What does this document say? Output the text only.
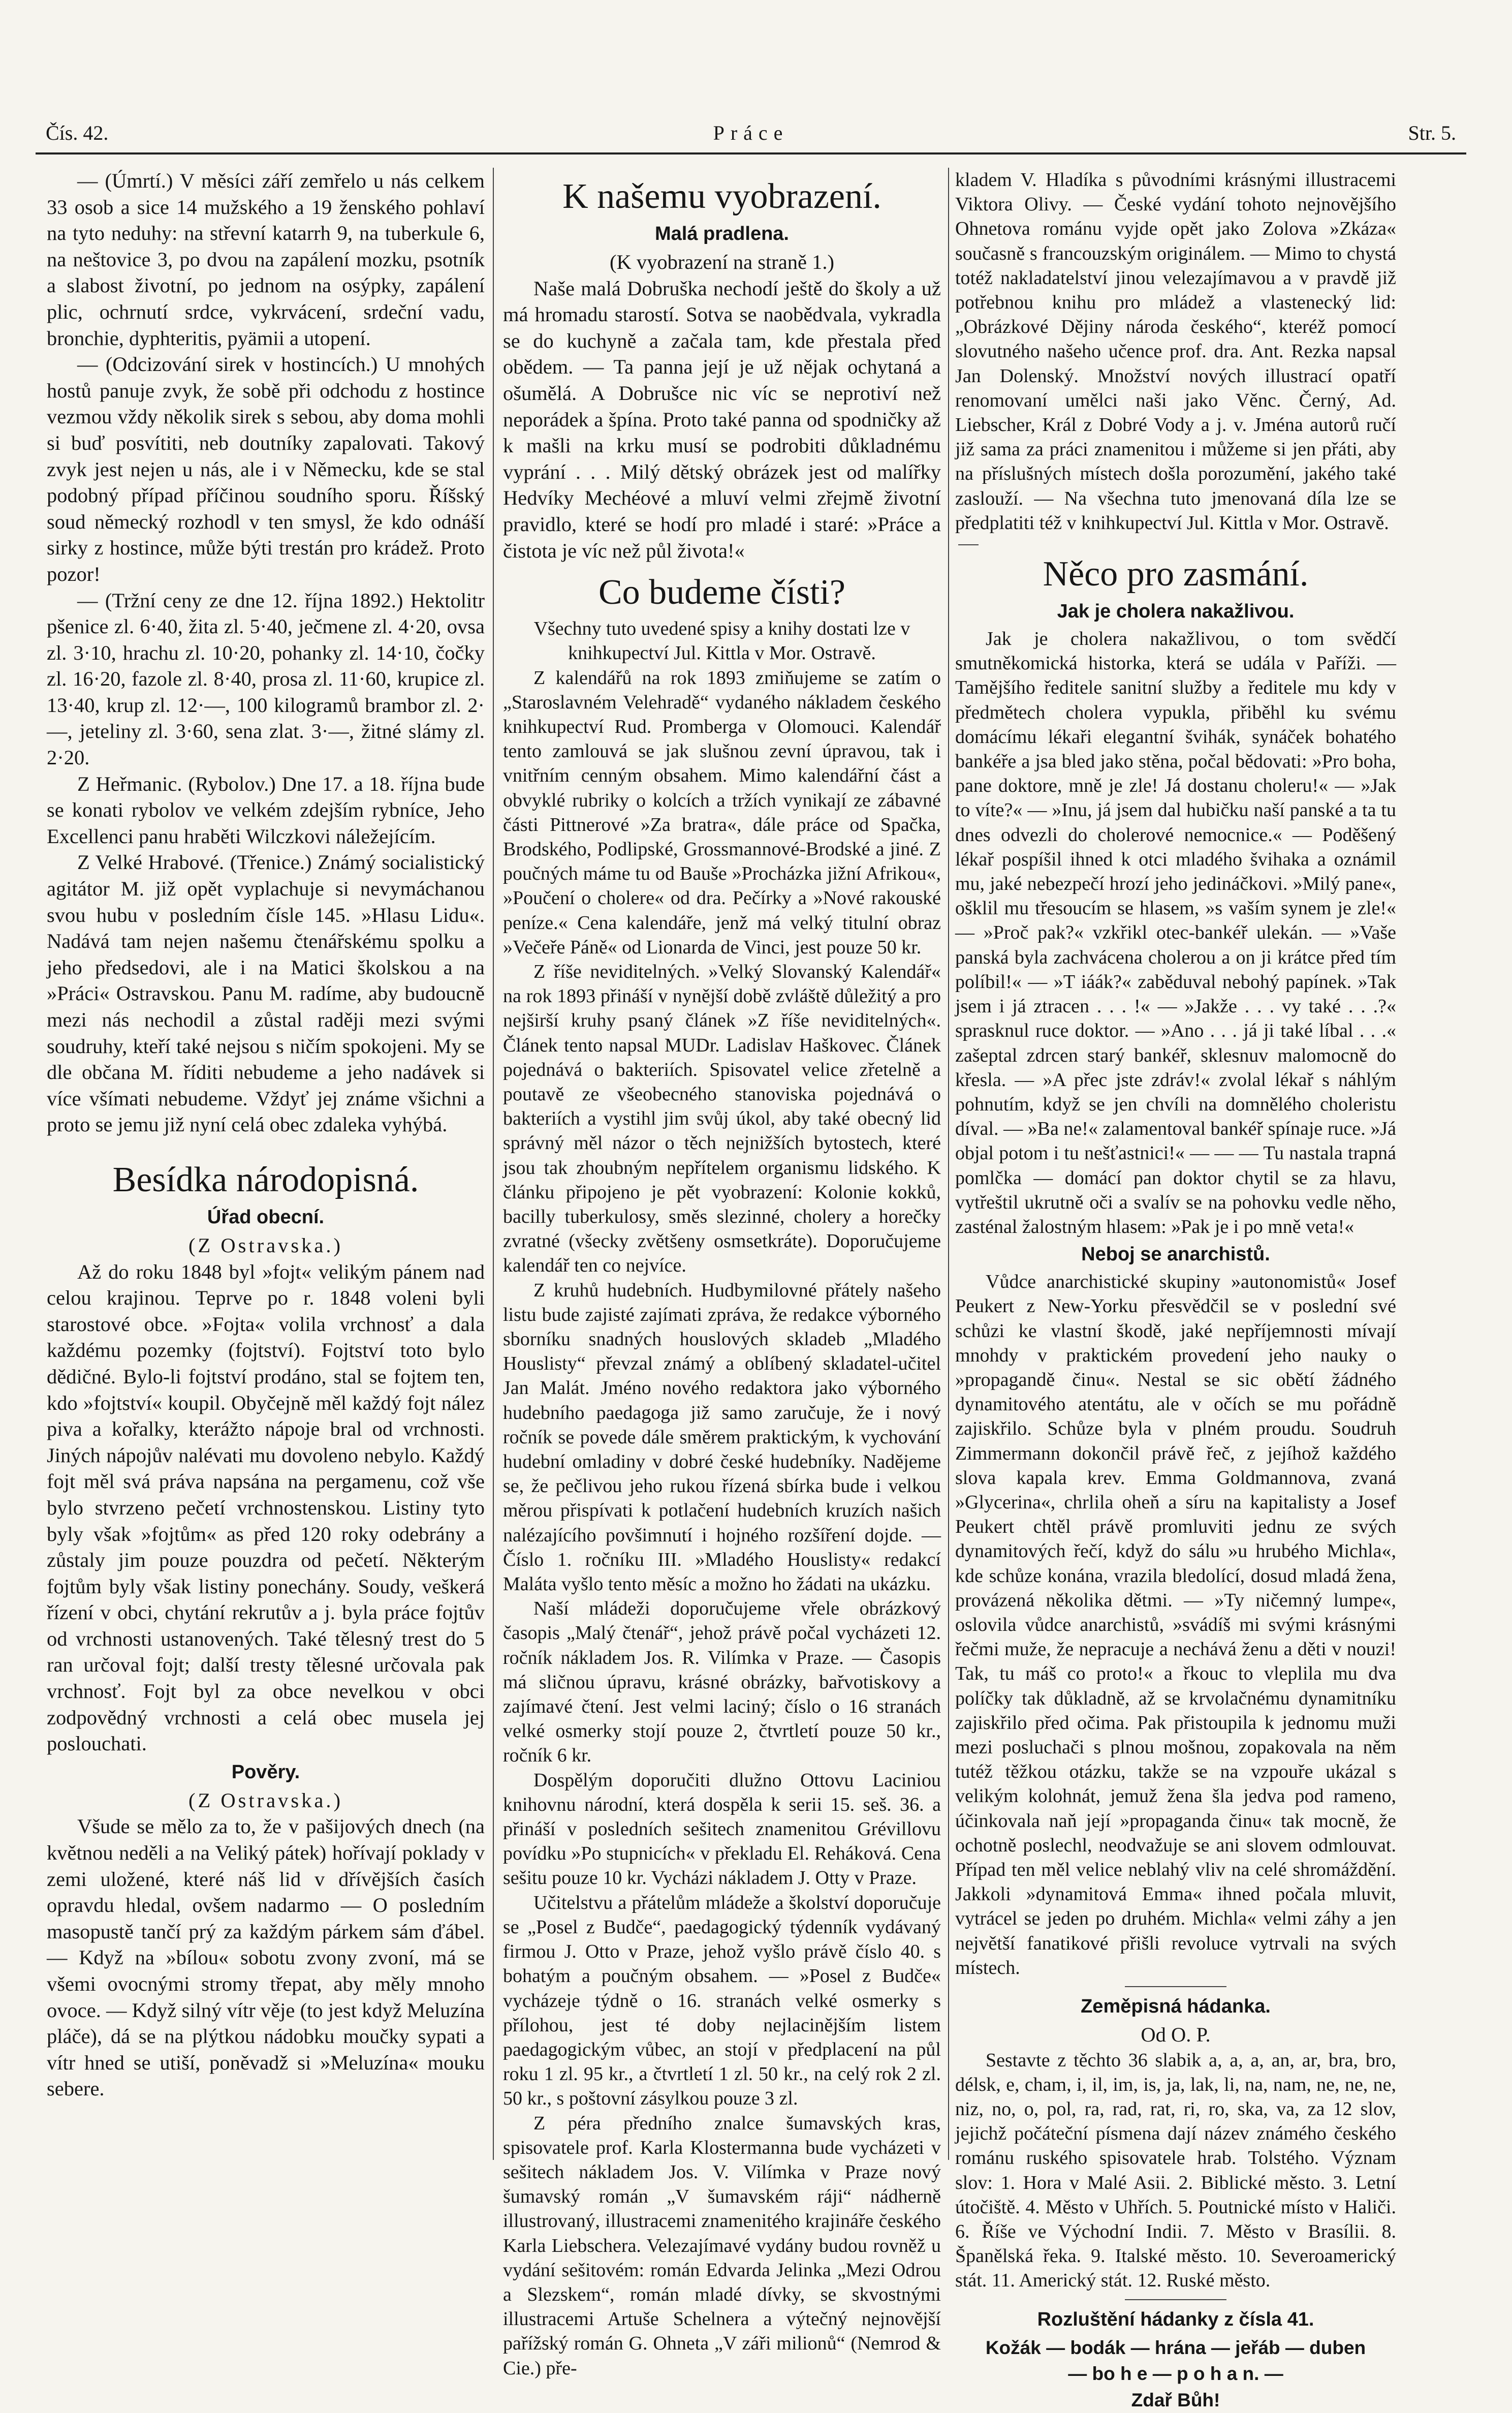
Čís. 42.	Práce	Str. 5.

— (Úmrtí.) V měsíci září zemřelo u nás celkem 33 osob a sice 14 mužského a 19 ženského pohlaví na tyto neduhy: na střevní katarrh 9, na tuberkule 6, na neštovice 3, po dvou na zapálení mozku, psotník a slabost životní, po jednom na osýpky, zapálení plic, ochrnutí srdce, vykrvácení, srdeční vadu, bronchie, dyphteritis, pyämii a utopení.

— (Odcizování sirek v hostincích.) U mnohých hostů panuje zvyk, že sobě při odchodu z hostince vezmou vždy několik sirek s sebou, aby doma mohli si buď posvítiti, neb doutníky zapalovati. Takový zvyk jest nejen u nás, ale i v Německu, kde se stal podobný případ příčinou soudního sporu. Říšský soud německý rozhodl v ten smysl, že kdo odnáší sirky z hostince, může býti trestán pro krádež. Proto pozor!

— (Tržní ceny ze dne 12. října 1892.) Hektolitr pšenice zl. 6·40, žita zl. 5·40, ječmene zl. 4·20, ovsa zl. 3·10, hrachu zl. 10·20, pohanky zl. 14·10, čočky zl. 16·20, fazole zl. 8·40, prosa zl. 11·60, krupice zl. 13·40, krup zl. 12·—, 100 kilogramů brambor zl. 2·—, jeteliny zl. 3·60, sena zlat. 3·—, žitné slámy zl. 2·20.

Z Heřmanic. (Rybolov.) Dne 17. a 18. října bude se konati rybolov ve velkém zdejším rybníce, Jeho Excellenci panu hraběti Wilczkovi náležejícím.

Z Velké Hrabové. (Třenice.) Známý socialistický agitátor M. již opět vyplachuje si nevymáchanou svou hubu v posledním čísle 145. »Hlasu Lidu«. Nadává tam nejen našemu čtenářskému spolku a jeho předsedovi, ale i na Matici školskou a na »Práci« Ostravskou. Panu M. radíme, aby budoucně mezi nás nechodil a zůstal raději mezi svými soudruhy, kteří také nejsou s ničím spokojeni. My se dle občana M. říditi nebudeme a jeho nadávek si více všímati nebudeme. Vždyť jej známe všichni a proto se jemu již nyní celá obec zdaleka vyhýbá.

Besídka národopisná.
Úřad obecní.

(Z Ostravska.)

Až do roku 1848 byl »fojt« velikým pánem nad celou krajinou. Teprve po r. 1848 voleni byli starostové obce. »Fojta« volila vrchnosť a dala každému pozemky (fojtství). Fojtství toto bylo dědičné. Bylo-li fojtství prodáno, stal se fojtem ten, kdo »fojtství« koupil. Obyčejně měl každý fojt nález piva a kořalky, kterážto nápoje bral od vrchnosti. Jiných nápojův nalévati mu dovoleno nebylo. Každý fojt měl svá práva napsána na pergamenu, což vše bylo stvrzeno pečetí vrchnostenskou. Listiny tyto byly však »fojtům« as před 120 roky odebrány a zůstaly jim pouze pouzdra od pečetí. Některým fojtům byly však listiny ponechány. Soudy, veškerá řízení v obci, chytání rekrutův a j. byla práce fojtův od vrchnosti ustanovených. Také tělesný trest do 5 ran určoval fojt; další tresty tělesné určovala pak vrchnosť. Fojt byl za obce nevelkou v obci zodpovědný vrchnosti a celá obec musela jej poslouchati.

Pověry.

(Z Ostravska.)

Všude se mělo za to, že v pašijových dnech (na květnou neděli a na Veliký pátek) hořívají poklady v zemi uložené, které náš lid v dřívějších časích opravdu hledal, ovšem nadarmo — O posledním masopustě tančí prý za každým párkem sám ďábel. — Když na »bílou« sobotu zvony zvoní, má se všemi ovocnými stromy třepat, aby měly mnoho ovoce. — Když silný vítr věje (to jest když Meluzína pláče), dá se na plýtkou nádobku moučky sypati a vítr hned se utiší, poněvadž si »Meluzína« mouku sebere.

K našemu vyobrazení.
Malá pradlena.

(K vyobrazení na straně 1.)

Naše malá Dobruška nechodí ještě do školy a už má hromadu starostí. Sotva se naobědvala, vykradla se do kuchyně a začala tam, kde přestala před obědem. — Ta panna její je už nějak ochytaná a ošumělá. A Dobrušce nic víc se neprotiví než neporádek a špína. Proto také panna od spodničky až k mašli na krku musí se podrobiti důkladnému vyprání . . . Milý dětský obrázek jest od malířky Hedvíky Mechéové a mluví velmi zřejmě životní pravidlo, které se hodí pro mladé i staré: »Práce a čistota je víc než půl života!«

Co budeme čísti?

Všechny tuto uvedené spisy a knihy dostati lze v knihkupectví Jul. Kittla v Mor. Ostravě.

Z kalendářů na rok 1893 zmiňujeme se zatím o „Staroslavném Velehradě“ vydaného nákladem českého knihkupectví Rud. Promberga v Olomouci. Kalendář tento zamlouvá se jak slušnou zevní úpravou, tak i vnitřním cenným obsahem. Mimo kalendářní část a obvyklé rubriky o kolcích a tržích vynikají ze zábavné části Pittnerové »Za bratra«, dále práce od Spačka, Brodského, Podlipské, Grossmannové-Brodské a jiné. Z poučných máme tu od Bauše »Procházka jižní Afrikou«, »Poučení o cholere« od dra. Pečírky a »Nové rakouské peníze.« Cena kalendáře, jenž má velký titulní obraz »Večeře Páně« od Lionarda de Vinci, jest pouze 50 kr.

Z říše neviditelných. »Velký Slovanský Kalendář« na rok 1893 přináší v nynější době zvláště důležitý a pro nejširší kruhy psaný článek »Z říše neviditelných«. Článek tento napsal MUDr. Ladislav Haškovec. Článek pojednává o bakteriích. Spisovatel velice zřetelně a poutavě ze všeobecného stanoviska pojednává o bakteriích a vystihl jim svůj úkol, aby také obecný lid správný měl názor o těch nejnižších bytostech, které jsou tak zhoubným nepřítelem organismu lidského. K článku připojeno je pět vyobrazení: Kolonie kokků, bacilly tuberkulosy, směs slezinné, cholery a horečky zvratné (všecky zvětšeny osmsetkráte). Doporučujeme kalendář ten co nejvíce.

Z kruhů hudebních. Hudbymilovné přátely našeho listu bude zajisté zajímati zpráva, že redakce výborného sborníku snadných houslových skladeb „Mladého Houslisty“ převzal známý a oblíbený skladatel-učitel Jan Malát. Jméno nového redaktora jako výborného hudebního paedagoga již samo zaručuje, že i nový ročník se povede dále směrem praktickým, k vychování hudební omladiny v dobré české hudebníky. Nadějeme se, že pečlivou jeho rukou řízená sbírka bude i velkou měrou přispívati k potlačení hudebních kruzích našich nalézajícího povšimnutí i hojného rozšíření dojde. — Číslo 1. ročníku III. »Mladého Houslisty« redakcí Maláta vyšlo tento měsíc a možno ho žádati na ukázku.

Naší mládeži doporučujeme vřele obrázkový časopis „Malý čtenář“, jehož právě počal vycházeti 12. ročník nákladem Jos. R. Vilímka v Praze. — Časopis má sličnou úpravu, krásné obrázky, bařvotiskovy a zajímavé čtení. Jest velmi laciný; číslo o 16 stranách velké osmerky stojí pouze 2, čtvrtletí pouze 50 kr., ročník 6 kr.

Dospělým doporučiti dlužno Ottovu Laciniou knihovnu národní, která dospěla k serii 15. seš. 36. a přináší v posledních sešitech znamenitou Grévillovu povídku »Po stupnicích« v překladu El. Reháková. Cena sešitu pouze 10 kr. Vycházi nákladem J. Otty v Praze.

Učitelstvu a přátelům mládeže a školství doporučuje se „Posel z Budče“, paedagogický týdenník vydávaný firmou J. Otto v Praze, jehož vyšlo právě číslo 40. s bohatým a poučným obsahem. — »Posel z Budče« vycházeje týdně o 16. stranách velké osmerky s přílohou, jest té doby nejlacinějším listem paedagogickým vůbec, an stojí v předplacení na půl roku 1 zl. 95 kr., a čtvrtletí 1 zl. 50 kr., na celý rok 2 zl. 50 kr., s poštovní zásylkou pouze 3 zl.

Z péra předního znalce šumavských kras, spisovatele prof. Karla Klostermanna bude vycházeti v sešitech nákladem Jos. V. Vilímka v Praze nový šumavský román „V šumavském ráji“ nádherně illustrovaný, illustracemi znamenitého krajináře českého Karla Liebschera. Velezajímavé vydány budou rovněž u vydání sešitovém: román Edvarda Jelinka „Mezi Odrou a Slezskem“, román mladé dívky, se skvostnými illustracemi Artuše Schelnera a výtečný nejnovější pařížský román G. Ohneta „V záři milionů“ (Nemrod & Cie.) pře-

kladem V. Hladíka s původními krásnými illustracemi Viktora Olivy. — České vydání tohoto nejnovějšího Ohnetova románu vyjde opět jako Zolova »Zkáza« současně s francouzským originálem. — Mimo to chystá totéž nakladatelství jinou velezajímavou a v pravdě již potřebnou knihu pro mládež a vlastenecký lid: „Obrázkové Dějiny národa českého“, kteréž pomocí slovutného našeho učence prof. dra. Ant. Rezka napsal Jan Dolenský. Množství nových illustrací opatří renomovaní umělci naši jako Věnc. Černý, Ad. Liebscher, Král z Dobré Vody a j. v. Jména autorů ručí již sama za práci znamenitou i můžeme si jen přáti, aby na příslušných místech došla porozumění, jakého také zaslouží. — Na všechna tuto jmenovaná díla lze se předplatiti též v knihkupectví Jul. Kittla v Mor. Ostravě.

Něco pro zasmání.
Jak je cholera nakažlivou.

Jak je cholera nakažlivou, o tom svědčí smutněkomická historka, která se udála v Paříži. — Tamějšího ředitele sanitní služby a ředitele mu kdy v předmětech cholera vypukla, přiběhl ku svému domácímu lékaři elegantní švihák, synáček bohatého bankéře a jsa bled jako stěna, počal bědovati: »Pro boha, pane doktore, mně je zle! Já dostanu choleru!« — »Jak to víte?« — »Inu, já jsem dal hubičku naší panské a ta tu dnes odvezli do cholerové nemocnice.« — Poděšený lékař pospíšil ihned k otci mladého švihaka a oznámil mu, jaké nebezpečí hrozí jeho jedináčkovi. »Milý pane«, ošklil mu třesoucím se hlasem, »s vaším synem je zle!« — »Proč pak?« vzkřikl otec-bankéř ulekán. — »Vaše panská byla zachvácena cholerou a on ji krátce před tím políbil!« — »T iáák?« zaběduval nebohý papínek. »Tak jsem i já ztracen . . . !« — »Jakže . . . vy také . . .?« sprasknul ruce doktor. — »Ano . . . já ji také líbal . . .« zašeptal zdrcen starý bankéř, sklesnuv malomocně do křesla. — »A přec jste zdráv!« zvolal lékař s náhlým pohnutím, když se jen chvíli na domnělého choleristu díval. — »Ba ne!« zalamentoval bankéř spínaje ruce. »Já objal potom i tu nešťastnici!« — — — Tu nastala trapná pomlčka — domácí pan doktor chytil se za hlavu, vytřeštil ukrutně oči a svalív se na pohovku vedle něho, zasténal žalostným hlasem: »Pak je i po mně veta!«

Neboj se anarchistů.

Vůdce anarchistické skupiny »autonomistů« Josef Peukert z New-Yorku přesvědčil se v poslední své schůzi ke vlastní škodě, jaké nepříjemnosti mívají mnohdy v praktickém provedení jeho nauky o »propagandě činu«. Nestal se sic obětí žádného dynamitového atentátu, ale v očích se mu pořádně zajiskřilo. Schůze byla v plném proudu. Soudruh Zimmermann dokončil právě řeč, z jejíhož každého slova kapala krev. Emma Goldmannova, zvaná »Glycerina«, chrlila oheň a síru na kapitalisty a Josef Peukert chtěl právě promluviti jednu ze svých dynamitových řečí, když do sálu »u hrubého Michla«, kde schůze konána, vrazila bledolící, dosud mladá žena, provázená několika dětmi. — »Ty ničemný lumpe«, oslovila vůdce anarchistů, »svádíš mi svými krásnými řečmi muže, že nepracuje a nechává ženu a děti v nouzi! Tak, tu máš co proto!« a řkouc to vleplila mu dva políčky tak důkladně, až se krvolačnému dynamitníku zajiskřilo před očima. Pak přistoupila k jednomu muži mezi posluchači s plnou mošnou, zopakovala na něm tutéž těžkou otázku, takže se na vzpouře ukázal s velikým kolohnát, jemuž žena šla jedva pod rameno, účinkovala naň její »propaganda činu« tak mocně, že ochotně poslechl, neodvažuje se ani slovem odmlouvat. Případ ten měl velice neblahý vliv na celé shromáždění. Jakkoli »dynamitová Emma« ihned počala mluvit, vytrácel se jeden po druhém. Michla« velmi záhy a jen největší fanatikové přišli revoluce vytrvali na svých místech.

Zeměpisná hádanka.

Od O. P.

Sestavte z těchto 36 slabik a, a, a, an, ar, bra, bro, délsk, e, cham, i, il, im, is, ja, lak, li, na, nam, ne, ne, ne, niz, no, o, pol, ra, rad, rat, ri, ro, ska, va, za 12 slov, jejichž počáteční písmena dají název známého českého románu ruského spisovatele hrab. Tolstého. Význam slov: 1. Hora v Malé Asii. 2. Biblické město. 3. Letní útočiště. 4. Město v Uhřích. 5. Poutnické místo v Haliči. 6. Říše ve Východní Indii. 7. Město v Brasílii. 8. Španělská řeka. 9. Italské město. 10. Severoamerický stát. 11. Americký stát. 12. Ruské město.

Rozluštění hádanky z čísla 41.

Kožák — bodák — hrána — jeřáb — duben

— bo h e — p o h a n. —

Zdař Bůh!
